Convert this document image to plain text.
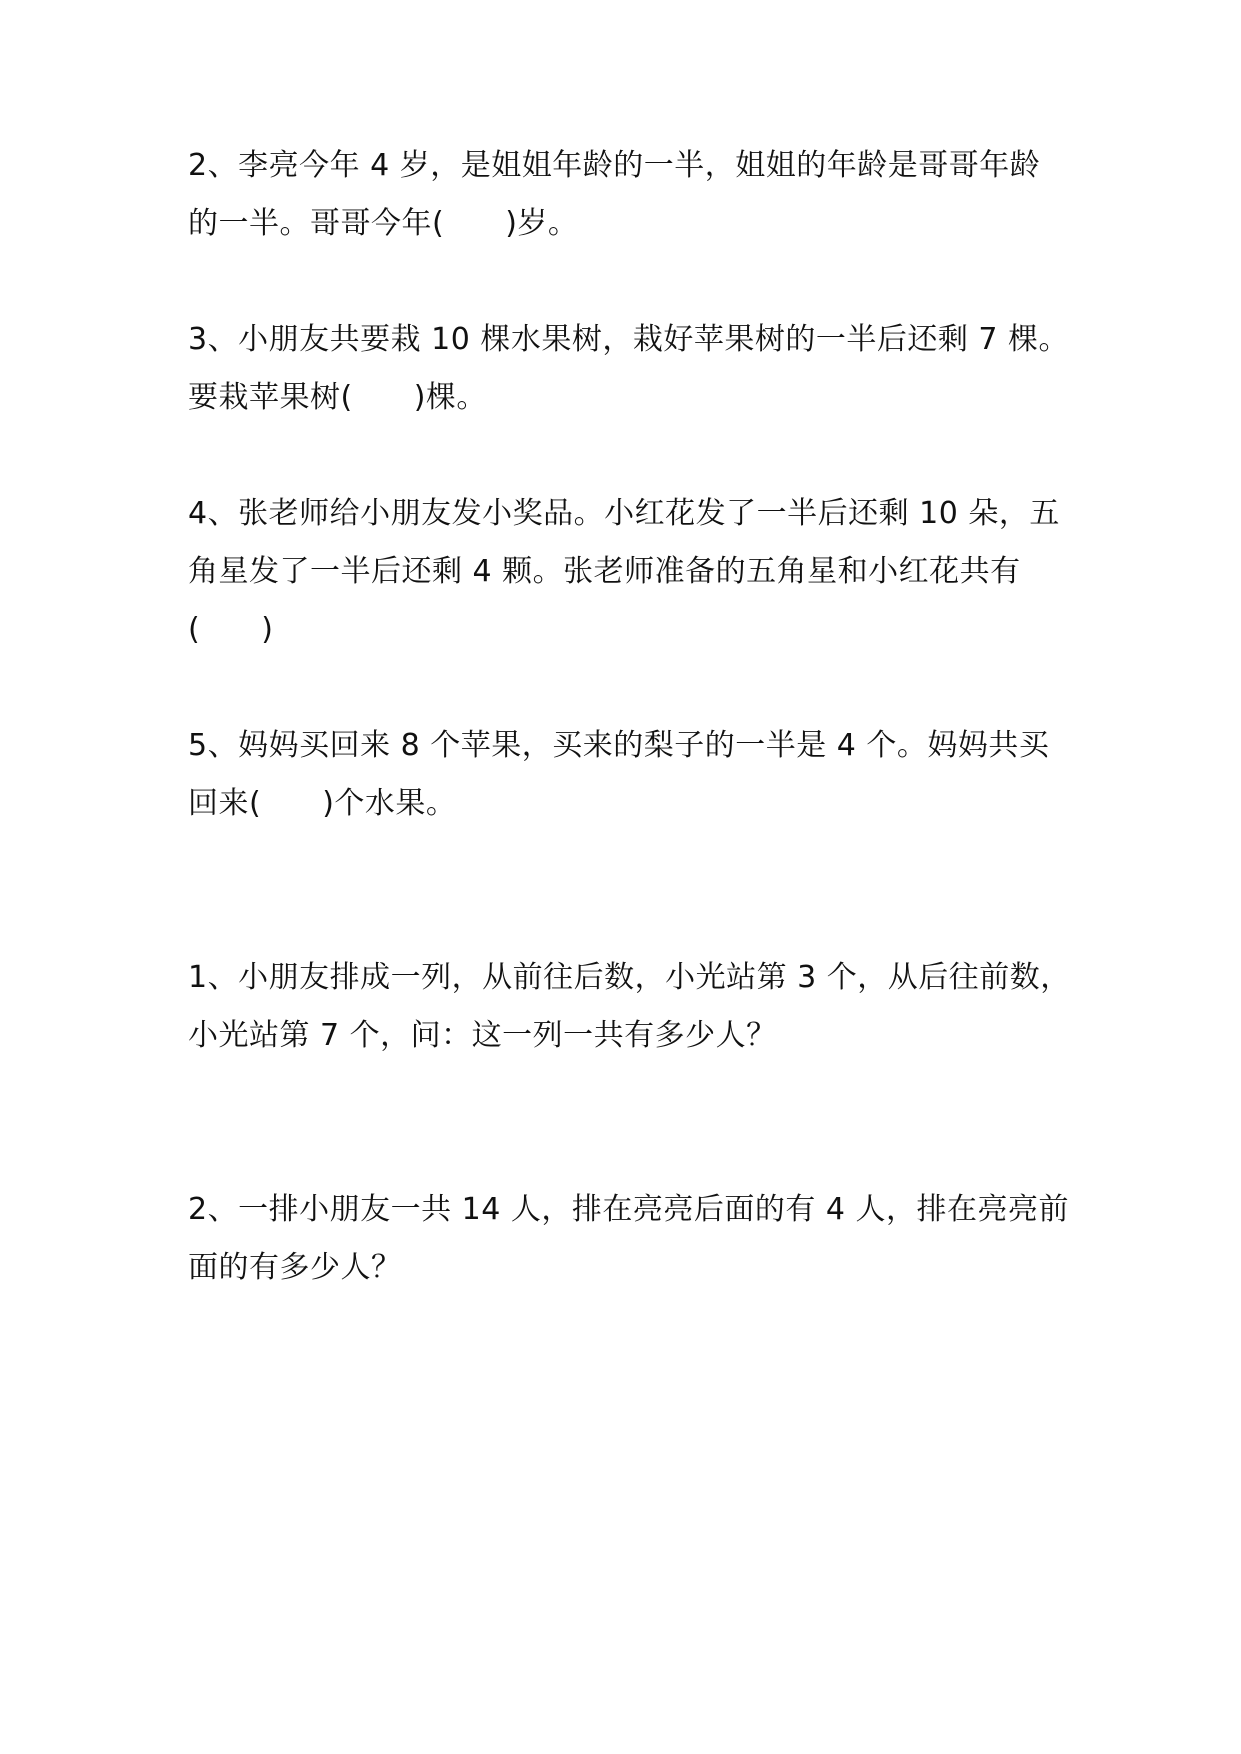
2、李亮今年 4 岁，是姐姐年龄的一半，姐姐的年龄是哥哥年龄
的一半。哥哥今年(　　)岁。
3、小朋友共要栽 10 棵水果树，栽好苹果树的一半后还剩 7 棵。
要栽苹果树(　　)棵。
4、张老师给小朋友发小奖品。小红花发了一半后还剩 10 朵，五
角星发了一半后还剩 4 颗。张老师准备的五角星和小红花共有
(　　)
5、妈妈买回来 8 个苹果，买来的梨子的一半是 4 个。妈妈共买
回来(　　)个水果。
1、小朋友排成一列，从前往后数，小光站第 3 个，从后往前数，
小光站第 7 个，问：这一列一共有多少人？
2、一排小朋友一共 14 人，排在亮亮后面的有 4 人，排在亮亮前
面的有多少人？
